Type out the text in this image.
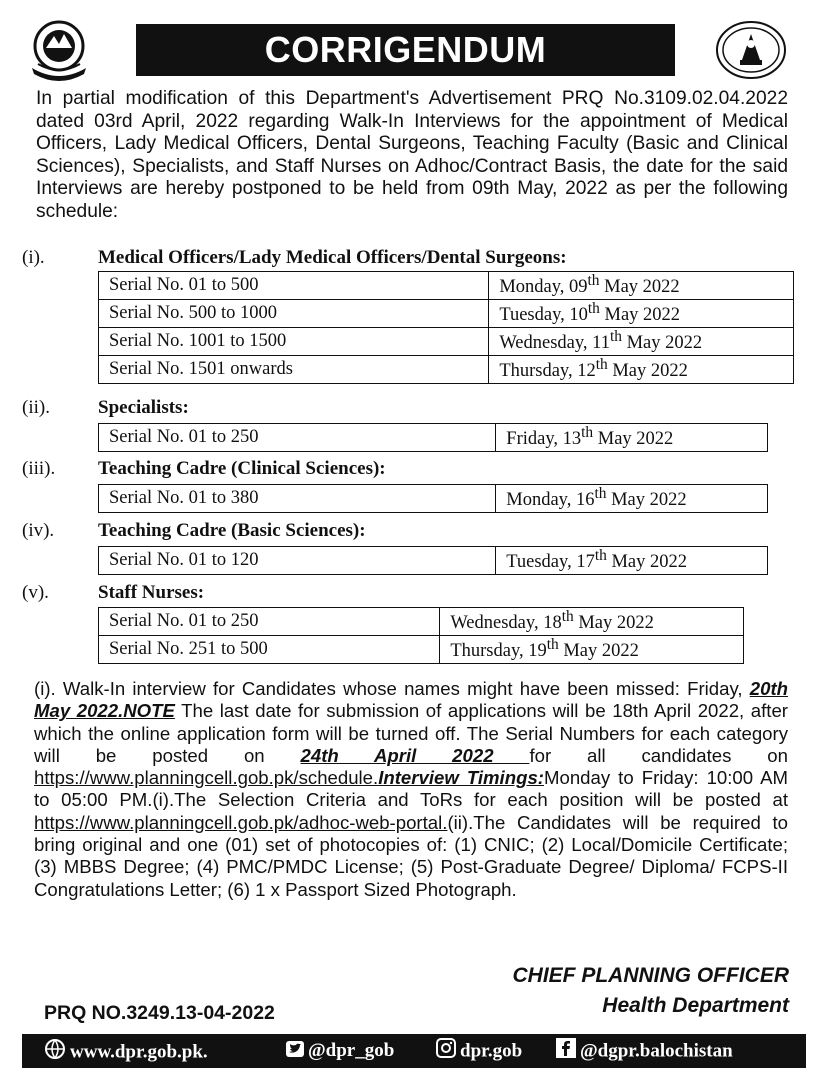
CORRIGENDUM
In partial modification of this Department's Advertisement PRQ No.3109.02.04.2022 dated 03rd April, 2022 regarding Walk-In Interviews for the appointment of Medical Officers, Lady Medical Officers, Dental Surgeons, Teaching Faculty (Basic and Clinical Sciences), Specialists, and Staff Nurses on Adhoc/Contract Basis, the date for the said Interviews are hereby postponed to be held from 09th May, 2022 as per the following schedule:
(i).	Medical Officers/Lady Medical Officers/Dental Surgeons:
Serial No. 01 to 500	Monday, 09th May 2022
Serial No. 500 to 1000	Tuesday, 10th May 2022
Serial No. 1001 to 1500	Wednesday, 11th May 2022
Serial No. 1501 onwards	Thursday, 12th May 2022
(ii).	Specialists:
Serial No. 01 to 250	Friday, 13th May 2022
(iii).	Teaching Cadre (Clinical Sciences):
Serial No. 01 to 380	Monday, 16th May 2022
(iv).	Teaching Cadre (Basic Sciences):
Serial No. 01 to 120	Tuesday, 17th May 2022
(v).	Staff Nurses:
Serial No. 01 to 250	Wednesday, 18th May 2022
Serial No. 251 to 500	Thursday, 19th May 2022
(i). Walk-In interview for Candidates whose names might have been missed: Friday, 20th May 2022.NOTE The last date for submission of applications will be 18th April 2022, after which the online application form will be turned off. The Serial Numbers for each category will be posted on 24th April 2022 for all candidates on https://www.planningcell.gob.pk/schedule.Interview Timings:Monday to Friday: 10:00 AM to 05:00 PM.(i).The Selection Criteria and ToRs for each position will be posted at https://www.planningcell.gob.pk/adhoc-web-portal.(ii).The Candidates will be required to bring original and one (01) set of photocopies of: (1) CNIC; (2) Local/Domicile Certificate; (3) MBBS Degree; (4) PMC/PMDC License; (5) Post-Graduate Degree/ Diploma/ FCPS-II Congratulations Letter; (6) 1 x Passport Sized Photograph.
CHIEF PLANNING OFFICER
Health Department
PRQ NO.3249.13-04-2022
www.dpr.gob.pk.	@dpr_gob	dpr.gob	@dgpr.balochistan
